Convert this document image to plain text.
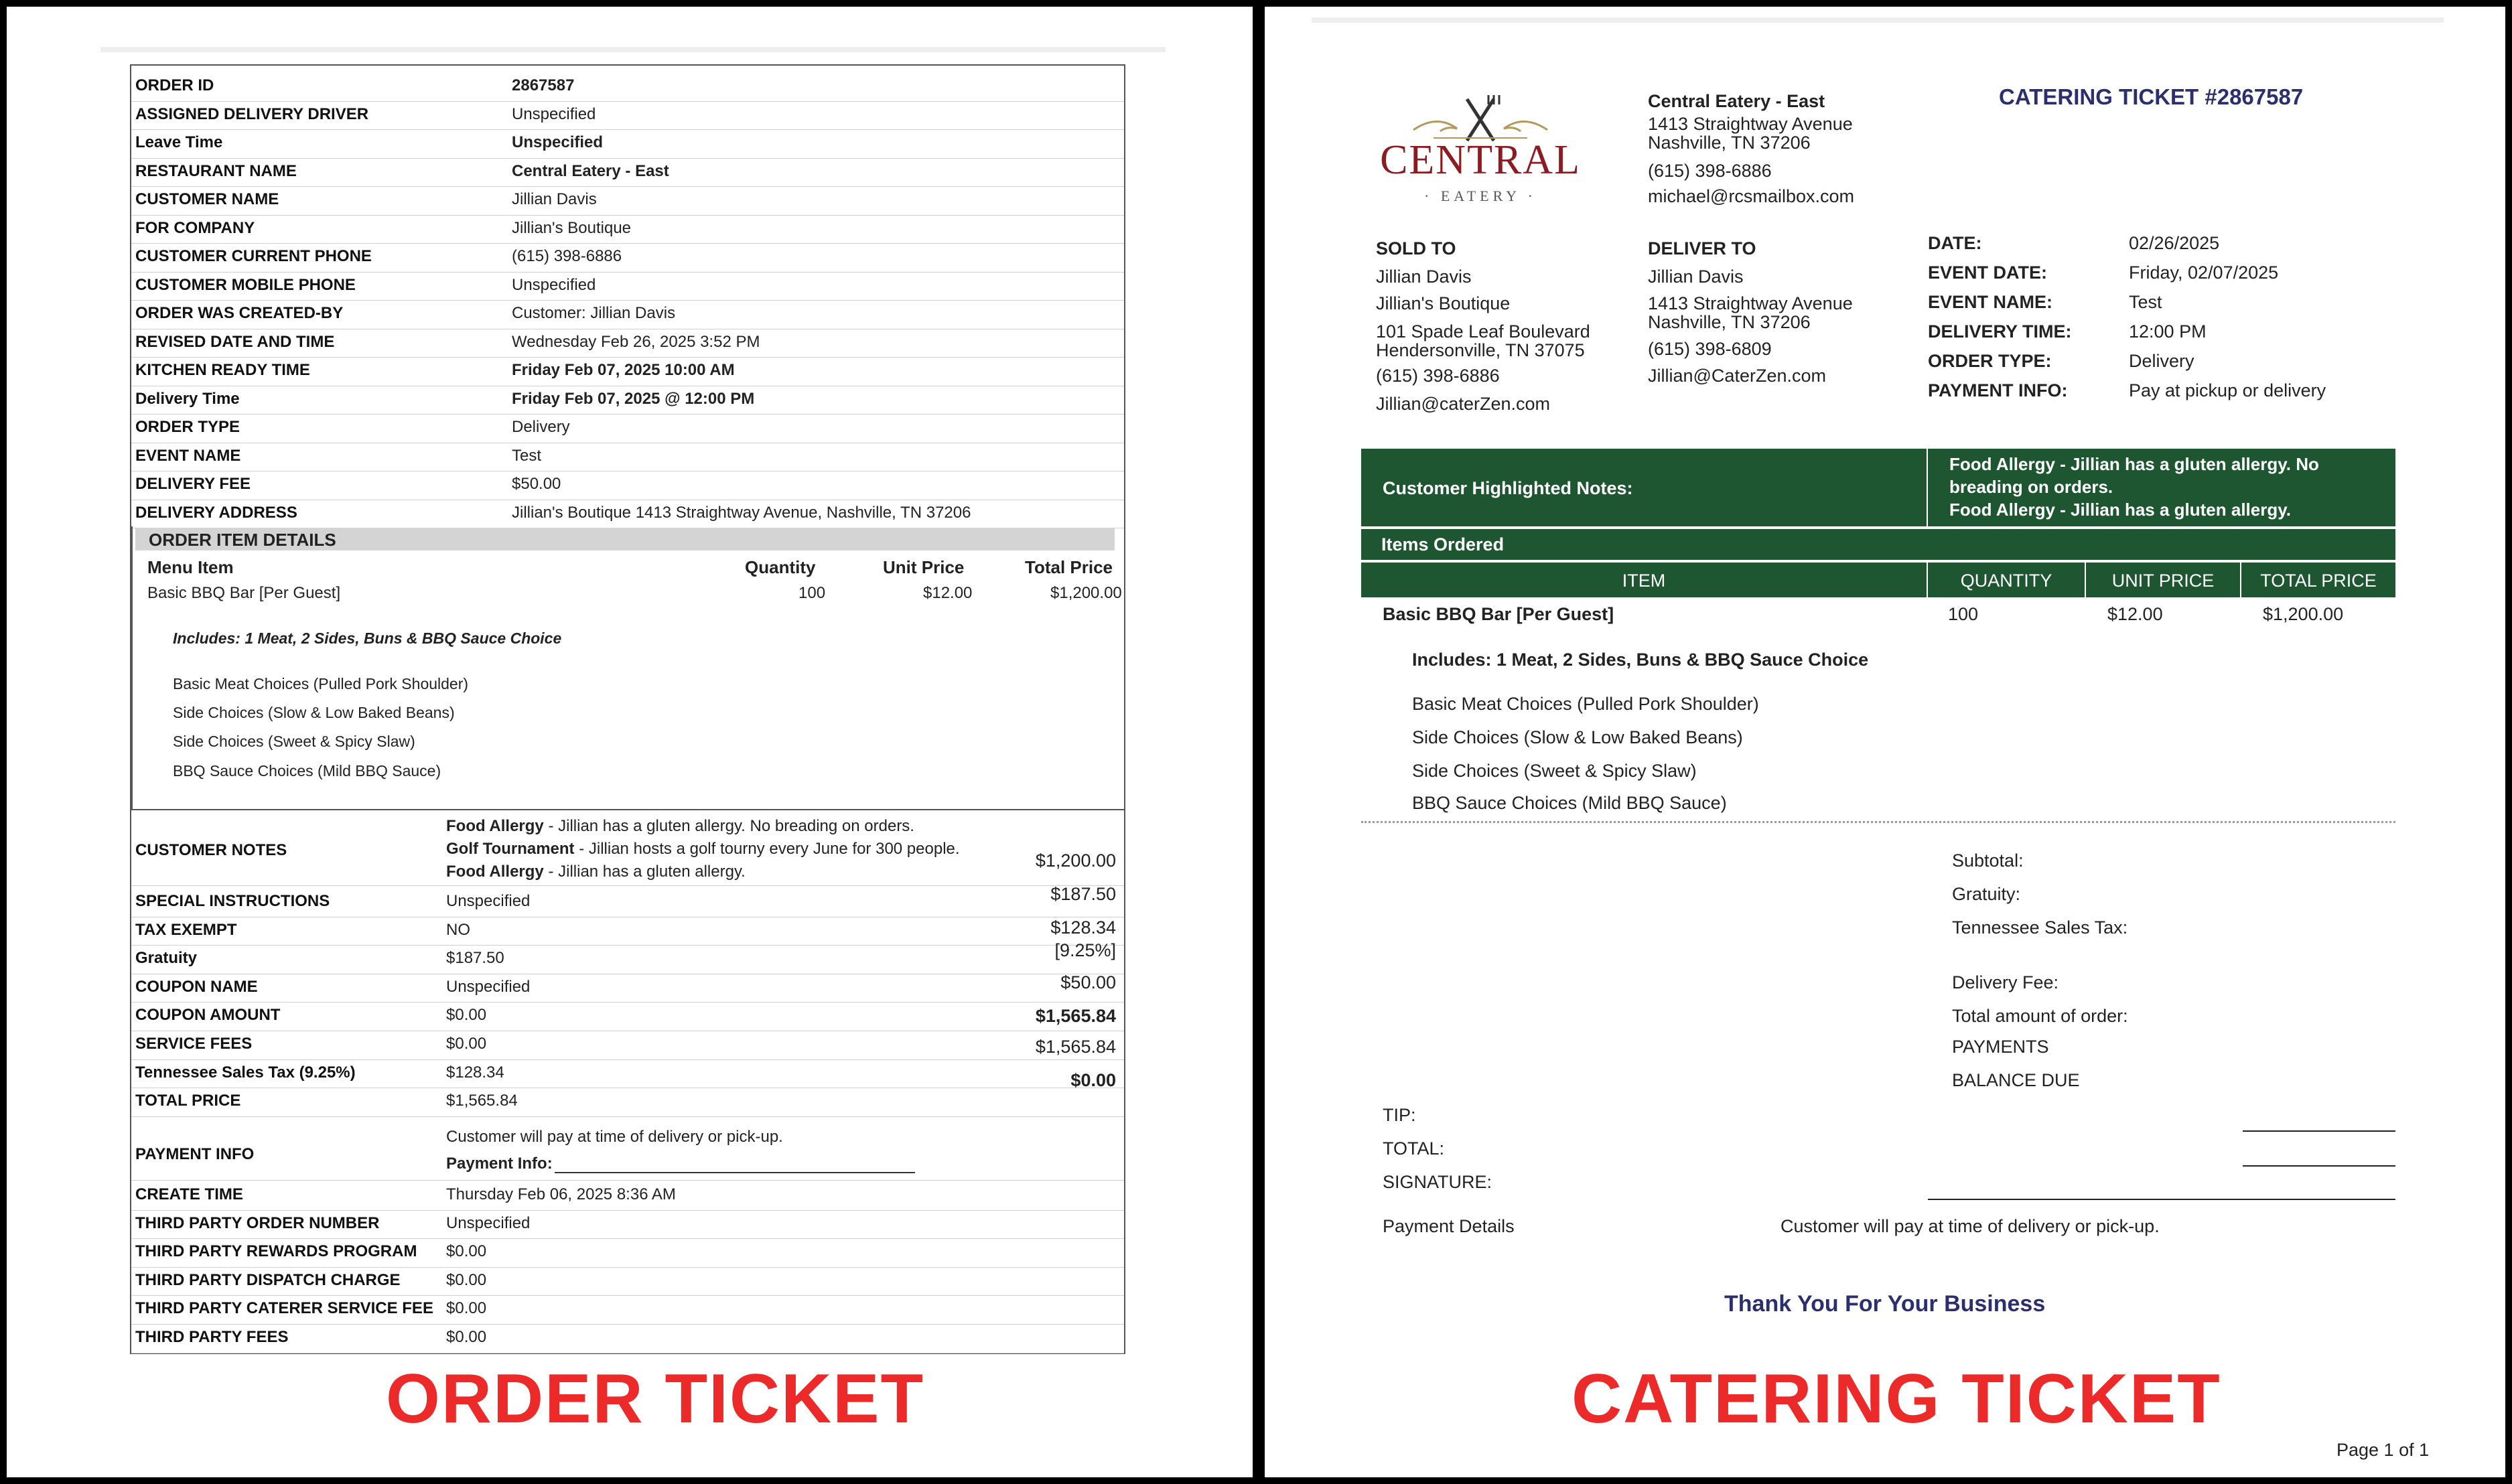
ORDER ID	2867587
ASSIGNED DELIVERY DRIVER	Unspecified
Leave Time	Unspecified
RESTAURANT NAME	Central Eatery - East
CUSTOMER NAME	Jillian Davis
FOR COMPANY	Jillian's Boutique
CUSTOMER CURRENT PHONE	(615) 398-6886
CUSTOMER MOBILE PHONE	Unspecified
ORDER WAS CREATED-BY	Customer: Jillian Davis
REVISED DATE AND TIME	Wednesday Feb 26, 2025 3:52 PM
KITCHEN READY TIME	Friday Feb 07, 2025 10:00 AM
Delivery Time	Friday Feb 07, 2025 @ 12:00 PM
ORDER TYPE	Delivery
EVENT NAME	Test
DELIVERY FEE	$50.00
DELIVERY ADDRESS	Jillian's Boutique 1413 Straightway Avenue, Nashville, TN 37206
ORDER ITEM DETAILS
Menu Item	Quantity	Unit Price	Total Price
Basic BBQ Bar [Per Guest]	100	$12.00	$1,200.00
Includes: 1 Meat, 2 Sides, Buns & BBQ Sauce Choice
Basic Meat Choices (Pulled Pork Shoulder)
Side Choices (Slow & Low Baked Beans)
Side Choices (Sweet & Spicy Slaw)
BBQ Sauce Choices (Mild BBQ Sauce)
CUSTOMER NOTES
Food Allergy - Jillian has a gluten allergy. No breading on orders.
Golf Tournament - Jillian hosts a golf tourny every June for 300 people.
Food Allergy - Jillian has a gluten allergy.
SPECIAL INSTRUCTIONS	Unspecified
TAX EXEMPT	NO
Gratuity	$187.50
COUPON NAME	Unspecified
COUPON AMOUNT	$0.00
SERVICE FEES	$0.00
Tennessee Sales Tax (9.25%)	$128.34
TOTAL PRICE	$1,565.84
PAYMENT INFO
Customer will pay at time of delivery or pick-up.
Payment Info:
CREATE TIME	Thursday Feb 06, 2025 8:36 AM
THIRD PARTY ORDER NUMBER	Unspecified
THIRD PARTY REWARDS PROGRAM $0.00
THIRD PARTY DISPATCH CHARGE	$0.00
THIRD PARTY CATERER SERVICE FEE $0.00
THIRD PARTY FEES	$0.00
ORDER TICKET
CENTRAL
· EATERY ·
Central Eatery - East
1413 Straightway Avenue
Nashville, TN 37206
(615) 398-6886
michael@rcsmailbox.com
CATERING TICKET #2867587
SOLD TO
Jillian Davis
Jillian's Boutique
101 Spade Leaf Boulevard
Hendersonville, TN 37075
(615) 398-6886
Jillian@caterZen.com
DELIVER TO
Jillian Davis
1413 Straightway Avenue
Nashville, TN 37206
(615) 398-6809
Jillian@CaterZen.com
DATE:	02/26/2025
EVENT DATE:	Friday, 02/07/2025
EVENT NAME:	Test
DELIVERY TIME:	12:00 PM
ORDER TYPE:	Delivery
PAYMENT INFO:	Pay at pickup or delivery
Customer Highlighted Notes:
Food Allergy - Jillian has a gluten allergy. No
breading on orders.
Food Allergy - Jillian has a gluten allergy.
Items Ordered
ITEM	QUANTITY	UNIT PRICE	TOTAL PRICE
Basic BBQ Bar [Per Guest]	100	$12.00	$1,200.00
Includes: 1 Meat, 2 Sides, Buns & BBQ Sauce Choice
Basic Meat Choices (Pulled Pork Shoulder)
Side Choices (Slow & Low Baked Beans)
Side Choices (Sweet & Spicy Slaw)
BBQ Sauce Choices (Mild BBQ Sauce)
Subtotal:
$1,200.00
Gratuity:
$187.50
Tennessee Sales Tax:
$128.34
[9.25%]
Delivery Fee:
$50.00
Total amount of order:
$1,565.84
PAYMENTS
$1,565.84
BALANCE DUE
$0.00
TIP:
TOTAL:
SIGNATURE:
Payment Details	Customer will pay at time of delivery or pick-up.
Thank You For Your Business
Page 1 of 1
CATERING TICKET
